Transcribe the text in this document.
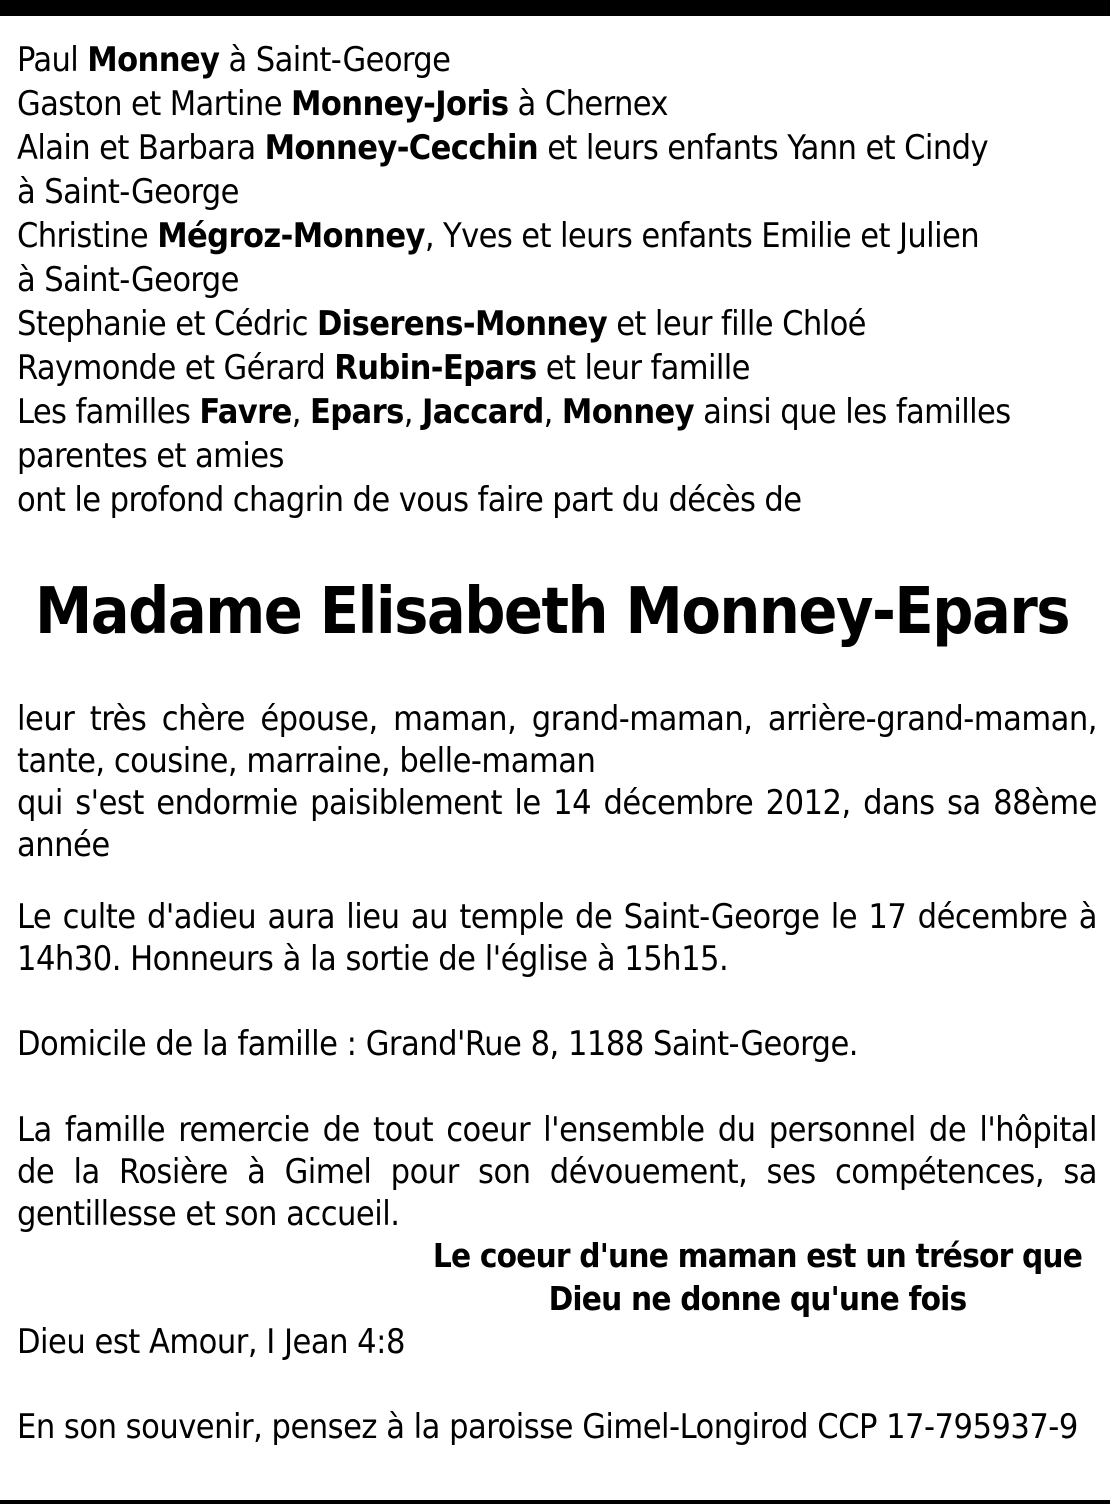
Paul Monney à Saint-George
Gaston et Martine Monney-Joris à Chernex
Alain et Barbara Monney-Cecchin et leurs enfants Yann et Cindy
à Saint-George
Christine Mégroz-Monney, Yves et leurs enfants Emilie et Julien
à Saint-George
Stephanie et Cédric Diserens-Monney et leur fille Chloé
Raymonde et Gérard Rubin-Epars et leur famille
Les familles Favre, Epars, Jaccard, Monney ainsi que les familles
parentes et amies
ont le profond chagrin de vous faire part du décès de
Madame Elisabeth Monney-Epars
leur très chère épouse, maman, grand-maman, arrière-grand-maman, tante, cousine, marraine, belle-maman
qui s'est endormie paisiblement le 14 décembre 2012, dans sa 88ème année
Le culte d'adieu aura lieu au temple de Saint-George le 17 décembre à 14h30. Honneurs à la sortie de l'église à 15h15.
Domicile de la famille : Grand'Rue 8, 1188 Saint-George.
La famille remercie de tout coeur l'ensemble du personnel de l'hôpital de la Rosière à Gimel pour son dévouement, ses compétences, sa gentillesse et son accueil.
Le coeur d'une maman est un trésor que
Dieu ne donne qu'une fois
Dieu est Amour, I Jean 4:8
En son souvenir, pensez à la paroisse Gimel-Longirod CCP 17-795937-9
